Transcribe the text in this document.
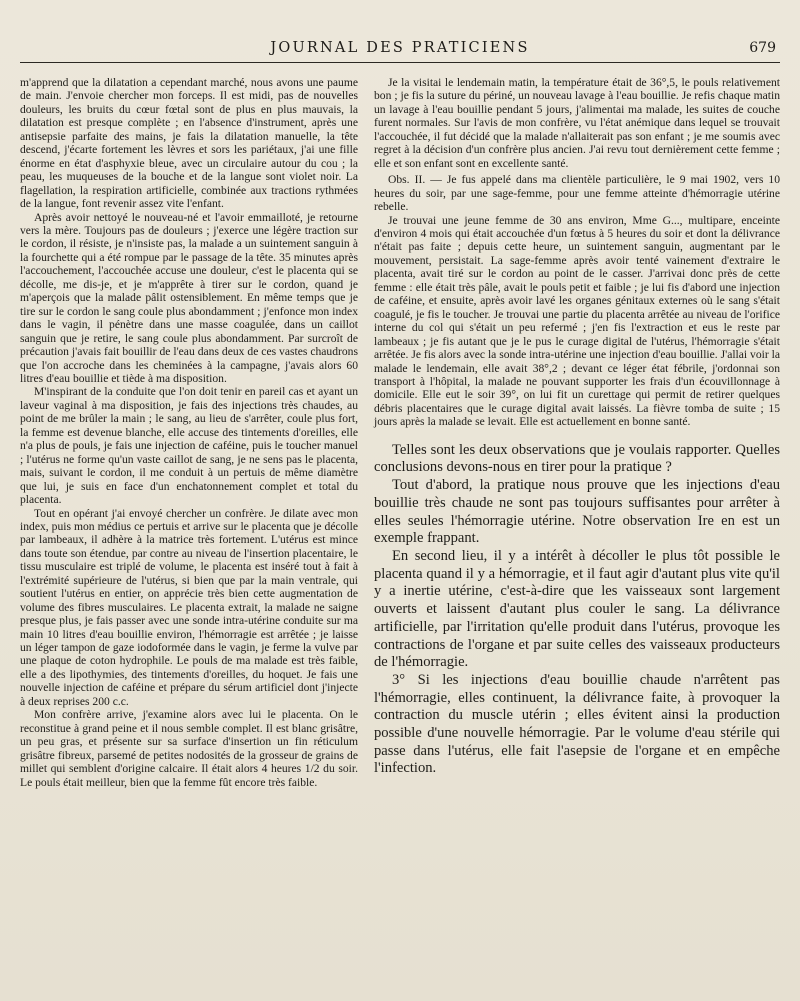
JOURNAL DES PRATICIENS	679

m'apprend que la dilatation a cependant marché, nous avons une paume de main. J'envoie chercher mon forceps. Il est midi, pas de nouvelles douleurs, les bruits du cœur fœtal sont de plus en plus mauvais, la dilatation est presque complète ; en l'absence d'instrument, après une antisepsie parfaite des mains, je fais la dilatation manuelle, la tête descend, j'écarte fortement les lèvres et sors les pariétaux, j'ai une fille énorme en état d'asphyxie bleue, avec un circulaire autour du cou ; la peau, les muqueuses de la bouche et de la langue sont violet noir. La flagellation, la respiration artificielle, combinée aux tractions rythmées de la langue, font revenir assez vite l'enfant.

Après avoir nettoyé le nouveau-né et l'avoir emmailloté, je retourne vers la mère. Toujours pas de douleurs ; j'exerce une légère traction sur le cordon, il résiste, je n'insiste pas, la malade a un suintement sanguin à la fourchette qui a été rompue par le passage de la tête. 35 minutes après l'accouchement, l'accouchée accuse une douleur, c'est le placenta qui se décolle, me dis-je, et je m'apprête à tirer sur le cordon, quand je m'aperçois que la malade pâlit ostensiblement. En même temps que je tire sur le cordon le sang coule plus abondamment ; j'enfonce mon index dans le vagin, il pénètre dans une masse coagulée, dans un caillot sanguin que je retire, le sang coule plus abondamment. Par surcroît de précaution j'avais fait bouillir de l'eau dans deux de ces vastes chaudrons que l'on accroche dans les cheminées à la campagne, j'avais alors 60 litres d'eau bouillie et tiède à ma disposition.

M'inspirant de la conduite que l'on doit tenir en pareil cas et ayant un laveur vaginal à ma disposition, je fais des injections très chaudes, au point de me brûler la main ; le sang, au lieu de s'arrêter, coule plus fort, la femme est devenue blanche, elle accuse des tintements d'oreilles, elle n'a plus de pouls, je fais une injection de caféine, puis le toucher manuel ; l'utérus ne forme qu'un vaste caillot de sang, je ne sens pas le placenta, mais, suivant le cordon, il me conduit à un pertuis de même diamètre que lui, je suis en face d'un enchatonnement complet et total du placenta.

Tout en opérant j'ai envoyé chercher un confrère. Je dilate avec mon index, puis mon médius ce pertuis et arrive sur le placenta que je décolle par lambeaux, il adhère à la matrice très fortement. L'utérus est mince dans toute son étendue, par contre au niveau de l'insertion placentaire, le tissu musculaire est triplé de volume, le placenta est inséré tout à fait à l'extrémité supérieure de l'utérus, si bien que par la main ventrale, qui soutient l'utérus en entier, on apprécie très bien cette augmentation de volume des fibres musculaires. Le placenta extrait, la malade ne saigne presque plus, je fais passer avec une sonde intra-utérine conduite sur ma main 10 litres d'eau bouillie environ, l'hémorragie est arrêtée ; je laisse un léger tampon de gaze iodoformée dans le vagin, je ferme la vulve par une plaque de coton hydrophile. Le pouls de ma malade est très faible, elle a des lipothymies, des tintements d'oreilles, du hoquet. Je fais une nouvelle injection de caféine et prépare du sérum artificiel dont j'injecte à deux reprises 200 c.c.

Mon confrère arrive, j'examine alors avec lui le placenta. On le reconstitue à grand peine et il nous semble complet. Il est blanc grisâtre, un peu gras, et présente sur sa surface d'insertion un fin réticulum grisâtre fibreux, parsemé de petites nodosités de la grosseur de grains de millet qui semblent d'origine calcaire. Il était alors 4 heures 1/2 du soir. Le pouls était meilleur, bien que la femme fût encore très faible.

Je la visitai le lendemain matin, la température était de 36°,5, le pouls relativement bon ; je fis la suture du périné, un nouveau lavage à l'eau bouillie. Je refis chaque matin un lavage à l'eau bouillie pendant 5 jours, j'alimentai ma malade, les suites de couche furent normales. Sur l'avis de mon confrère, vu l'état anémique dans lequel se trouvait l'accouchée, il fut décidé que la malade n'allaiterait pas son enfant ; je me soumis avec regret à la décision d'un confrère plus ancien. J'ai revu tout dernièrement cette femme ; elle et son enfant sont en excellente santé.

Obs. II. — Je fus appelé dans ma clientèle particulière, le 9 mai 1902, vers 10 heures du soir, par une sage-femme, pour une femme atteinte d'hémorragie utérine rebelle.

Je trouvai une jeune femme de 30 ans environ, Mme G..., multipare, enceinte d'environ 4 mois qui était accouchée d'un fœtus à 5 heures du soir et dont la délivrance n'était pas faite ; depuis cette heure, un suintement sanguin, augmentant par le mouvement, persistait. La sage-femme après avoir tenté vainement d'extraire le placenta, avait tiré sur le cordon au point de le casser. J'arrivai donc près de cette femme : elle était très pâle, avait le pouls petit et faible ; je lui fis d'abord une injection de caféine, et ensuite, après avoir lavé les organes génitaux externes où le sang s'était coagulé, je fis le toucher. Je trouvai une partie du placenta arrêtée au niveau de l'orifice interne du col qui s'était un peu refermé ; j'en fis l'extraction et eus le reste par lambeaux ; je fis autant que je le pus le curage digital de l'utérus, l'hémorragie s'était arrêtée. Je fis alors avec la sonde intra-utérine une injection d'eau bouillie. J'allai voir la malade le lendemain, elle avait 38°,2 ; devant ce léger état fébrile, j'ordonnai son transport à l'hôpital, la malade ne pouvant supporter les frais d'un écouvillonnage à domicile. Elle eut le soir 39°, on lui fit un curettage qui permit de retirer quelques débris placentaires que le curage digital avait laissés. La fièvre tomba de suite ; 15 jours après la malade se levait. Elle est actuellement en bonne santé.

Telles sont les deux observations que je voulais rapporter. Quelles conclusions devons-nous en tirer pour la pratique ?

Tout d'abord, la pratique nous prouve que les injections d'eau bouillie très chaude ne sont pas toujours suffisantes pour arrêter à elles seules l'hémorragie utérine. Notre observation Ire en est un exemple frappant.

En second lieu, il y a intérêt à décoller le plus tôt possible le placenta quand il y a hémorragie, et il faut agir d'autant plus vite qu'il y a inertie utérine, c'est-à-dire que les vaisseaux sont largement ouverts et laissent d'autant plus couler le sang. La délivrance artificielle, par l'irritation qu'elle produit dans l'utérus, provoque les contractions de l'organe et par suite celles des vaisseaux producteurs de l'hémorragie.

3° Si les injections d'eau bouillie chaude n'arrêtent pas l'hémorragie, elles continuent, la délivrance faite, à provoquer la contraction du muscle utérin ; elles évitent ainsi la production possible d'une nouvelle hémorragie. Par le volume d'eau stérile qui passe dans l'utérus, elle fait l'asepsie de l'organe et en empêche l'infection.
